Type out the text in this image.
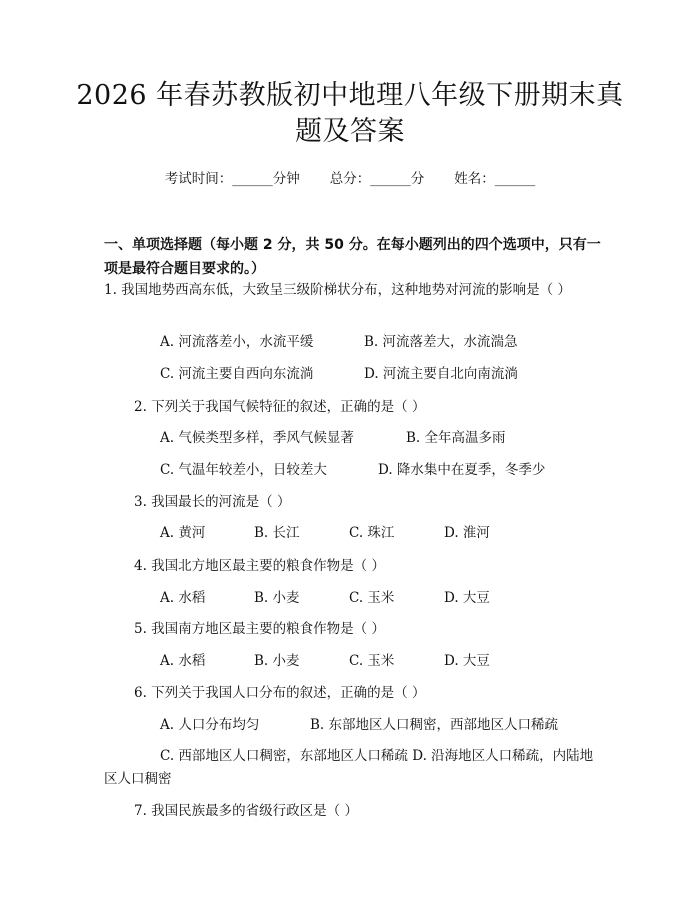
2026 年春苏教版初中地理八年级下册期末真
题及答案
考试时间：______分钟 总分：______分 姓名：______
一、单项选择题（每小题 2 分，共 50 分。在每小题列出的四个选项中，只有一项是最符合题目要求的。）
1. 我国地势西高东低，大致呈三级阶梯状分布，这种地势对河流的影响是（ ）
A. 河流落差小，水流平缓	B. 河流落差大，水流湍急
C. 河流主要自西向东流淌	D. 河流主要自北向南流淌
2. 下列关于我国气候特征的叙述，正确的是（ ）
A. 气候类型多样，季风气候显著	B. 全年高温多雨
C. 气温年较差小，日较差大	D. 降水集中在夏季，冬季少
3. 我国最长的河流是（ ）
A. 黄河	B. 长江	C. 珠江	D. 淮河
4. 我国北方地区最主要的粮食作物是（ ）
A. 水稻	B. 小麦	C. 玉米	D. 大豆
5. 我国南方地区最主要的粮食作物是（ ）
A. 水稻	B. 小麦	C. 玉米	D. 大豆
6. 下列关于我国人口分布的叙述，正确的是（ ）
A. 人口分布均匀	B. 东部地区人口稠密，西部地区人口稀疏
C. 西部地区人口稠密，东部地区人口稀疏 D. 沿海地区人口稀疏，内陆地区人口稠密
7. 我国民族最多的省级行政区是（ ）
